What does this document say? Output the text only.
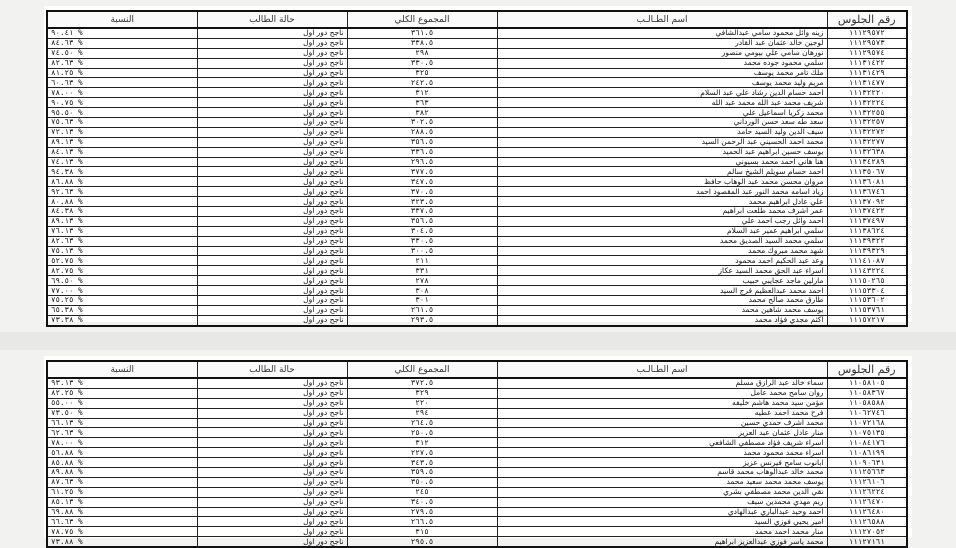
رقم الجلوس	اسم الطـالـب	المجموع الكلي	حالة الطالب	النسبة
١١١٢٩٥٧٢	زينه وائل محمود سامي عبدالشافي	٣٦١.٥	ناجح دور اول	٩٠.٤١ %
١١١٢٩٥٧٣	لوجين خالد عثمان عبد القادر	٣٣٨.٥	ناجح دور اول	٨٤.٦٣ %
١١١٢٩٥٧٤	نورهان سامي علي بيومي منصور	٢٩٨	ناجح دور اول	٧٤.٥٠ %
١١١٣١٤٢٢	سلمي محمود جوده محمد	٣٣٠.٥	ناجح دور اول	٨٢.٦٣ %
١١١٣١٤٢٩	ملك تامر محمد يوسف	٣٢٥	ناجح دور اول	٨١.٢٥ %
١١١٣١٤٧٧	مريم وليد محمد يوسف	٢٤٢.٥	ناجح دور اول	٦٠.٦٣ %
١١١٣٢٢٢٠	احمد حسام الدين رشاد علي عبد السلام	٣١٢	ناجح دور اول	٧٨.٠٠ %
١١١٣٢٢٢٤	شريف محمد عبد الله محمد عبد الله	٣٦٣	ناجح دور اول	٩٠.٧٥ %
١١١٣٢٢٥٥	محمد زكريا اسماعيل علي	٣٨٢	ناجح دور اول	٩٥.٥٠ %
١١١٣٢٢٥٧	سعد طه سعد حسن الورداني	٣٠٢.٥	ناجح دور اول	٧٥.٦٣ %
١١١٣٢٢٧٢	سيف الدين وليد السيد حامد	٢٨٨.٥	ناجح دور اول	٧٢.١٣ %
١١١٣٢٢٧٧	محمد احمد الحسيني عبد الرحمن السيد	٣٥٦.٥	ناجح دور اول	٨٩.١٣ %
١١١٣٢٦٣٨	يوسف حسين ابراهيم عبد الحميد	٣٣٦.٥	ناجح دور اول	٨٤.١٣ %
١١١٣٤٢٨٩	هنا هاني احمد محمد بسيوني	٢٩٦.٥	ناجح دور اول	٧٤.١٣ %
١١١٣٥٠٦٧	احمد حسام سويلم الشيخ سالم	٣٧٧.٥	ناجح دور اول	٩٤.٣٨ %
١١١٣٦٠٨١	مروان محسن محمد عبد الوهاب حافظ	٣٤٧.٥	ناجح دور اول	٨٦.٨٨ %
١١١٣٦٧٤٦	زياد اسامه محمد النور عبد المقصود احمد	٣٧٠.٥	ناجح دور اول	٩٢.٦٣ %
١١١٣٧٠٩٢	علي عادل ابراهيم محمد	٣٢٣.٥	ناجح دور اول	٨٠.٨٨ %
١١١٣٧٤٢٢	عمر اشرف محمد طلعت ابراهيم	٣٣٧.٥	ناجح دور اول	٨٤.٣٨ %
١١١٣٧٤٩٧	احمد وائل رجب احمد علي	٣٥٦.٥	ناجح دور اول	٨٩.١٣ %
١١١٣٨٦٢٤	سلمي ابراهيم عمير عبد السلام	٣٠٤.٥	ناجح دور اول	٧٦.١٣ %
١١١٣٩٣٢٢	سلمي محمد السيد الصديق محمد	٣٣٠.٥	ناجح دور اول	٨٢.٦٣ %
١١١٣٩٣٢٩	شهد محمد مبروك محمد	٣٠٠.٥	ناجح دور اول	٧٥.١٣ %
١١١٤١٠٨٧	وعد عبد الحكيم احمد محمود	٢١١	ناجح دور اول	٥٢.٧٥ %
١١١٤٣٢٢٤	اسراء عبد الحق محمد السيد عكاز	٣٣١	ناجح دور اول	٨٢.٧٥ %
١١١٥٠٢٦٥	مارلين ماجد عجايبي حبيب	٢٧٨	ناجح دور اول	٦٩.٥٠ %
١١١٥٣٣٠٤	احمد محمد عبدالعظيم فرج السيد	٣٠٨	ناجح دور اول	٧٧.٠٠ %
١١١٥٣٦٠٢	طارق محمد صالح محمد	٣٠١	ناجح دور اول	٧٥.٢٥ %
١١١٥٣٧٦١	يوسف محمد شاهين محمد	٢٦١.٥	ناجح دور اول	٦٥.٣٨ %
١١١٥٧٢١٧	اكثم مجدي فؤاد محمد	٢٩٣.٥	ناجح دور اول	٧٣.٣٨ %
رقم الجلوس	اسم الطـالـب	المجموع الكلي	حالة الطالب	النسبة
١١٠٥٨١٠٥	سماء خالد عبد الرازق مسلم	٣٧٢.٥	ناجح دور اول	٩٣.١٣ %
١١٠٥٨٣٦٧	روان سامح محمد عامل	٣٢٩	ناجح دور اول	٨٢.٢٥ %
١١٠٥٨٥٨٨	مؤمن سيد محمد هاشم خليفه	٢٢٠	ناجح دور اول	٥٥.٠٠ %
١١٠٦٢٧٤٦	فرح محمد احمد عطيه	٢٩٤	ناجح دور اول	٧٣.٥٠ %
١١٠٧٢١٦٨	محمد اشرف حمدي حسين	٢٦٤.٥	ناجح دور اول	٦٦.١٣ %
١١٠٧٥١٣٥	منار عادل عثمان عبد العزيز	٢٥٠.٥	ناجح دور اول	٦٢.٦٣ %
١١٠٨٤١٧٦	اسراء شريف فؤاد مصطفي الشافعي	٣١٢	ناجح دور اول	٧٨.٠٠ %
١١٠٨٦١٩٩	اسراء محمد محمود محمد	٢٢٧.٥	ناجح دور اول	٥٦.٨٨ %
١١٠٩٠٦٣١	ابانوب سامح فيرنس عزيز	٣٤٣.٥	ناجح دور اول	٨٥.٨٨ %
١١١٢٥٦٦٣	محمد خالد عبدالوهاب محمد قاسم	٣٥٩.٥	ناجح دور اول	٨٩.٨٨ %
١١١٢٦١٠٦	يوسف محمد محمد سعيد محمد	٣٥٠.٥	ناجح دور اول	٨٧.٦٣ %
١١١٢٦٢٢٤	نقي الدين محمد مصطفي بشري	٢٤٥	ناجح دور اول	٦١.٢٥ %
١١١٢٦٤٧٠	ريم مهدي محمدين سيف	٣٤٠.٥	ناجح دور اول	٨٥.١٣ %
١١١٢٦٤٨٠	احمد وحيد عبدالباري عبدالهادي	٢٧٩.٥	ناجح دور اول	٦٩.٨٨ %
١١١٢٦٥٨٨	امير يحيي فوزي السيد	٢٦٦.٥	ناجح دور اول	٦٦.٦٣ %
١١١٢٧٠٥٢	منار محمد احمد محمد	٣١٥	ناجح دور اول	٧٨.٧٥ %
١١١٢٧١٦١	محمد ياسر فوزي عبدالعزيز ابراهيم	٢٩٥.٥	ناجح دور اول	٧٣.٨٨ %
